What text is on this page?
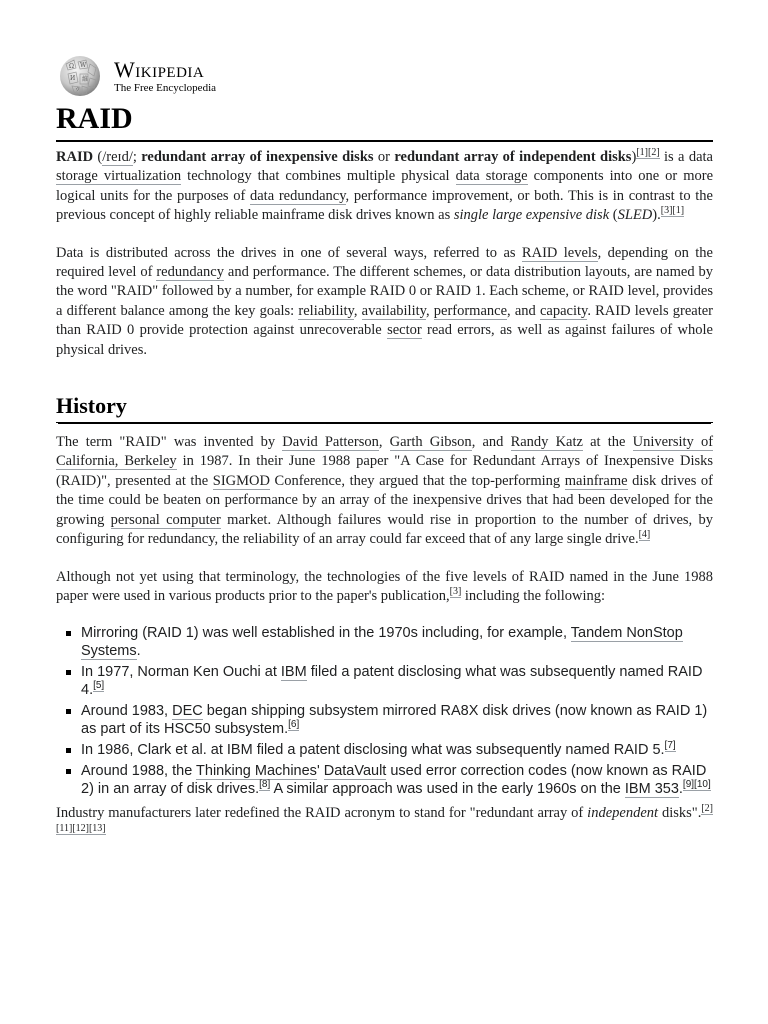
Ω W
И 維
ウ
Wikipedia
The Free Encyclopedia
RAID

RAID (/reɪd/; redundant array of inexpensive disks or redundant array of independent disks)[1][2] is a data storage virtualization technology that combines multiple physical data storage components into one or more logical units for the purposes of data redundancy, performance improvement, or both. This is in contrast to the previous concept of highly reliable mainframe disk drives known as single large expensive disk (SLED).[3][1]

Data is distributed across the drives in one of several ways, referred to as RAID levels, depending on the required level of redundancy and performance. The different schemes, or data distribution layouts, are named by the word "RAID" followed by a number, for example RAID 0 or RAID 1. Each scheme, or RAID level, provides a different balance among the key goals: reliability, availability, performance, and capacity. RAID levels greater than RAID 0 provide protection against unrecoverable sector read errors, as well as against failures of whole physical drives.

History

The term "RAID" was invented by David Patterson, Garth Gibson, and Randy Katz at the University of California, Berkeley in 1987. In their June 1988 paper "A Case for Redundant Arrays of Inexpensive Disks (RAID)", presented at the SIGMOD Conference, they argued that the top-performing mainframe disk drives of the time could be beaten on performance by an array of the inexpensive drives that had been developed for the growing personal computer market. Although failures would rise in proportion to the number of drives, by configuring for redundancy, the reliability of an array could far exceed that of any large single drive.[4]

Although not yet using that terminology, the technologies of the five levels of RAID named in the June 1988 paper were used in various products prior to the paper's publication,[3] including the following:

Mirroring (RAID 1) was well established in the 1970s including, for example, Tandem NonStop Systems.
In 1977, Norman Ken Ouchi at IBM filed a patent disclosing what was subsequently named RAID 4.[5]
Around 1983, DEC began shipping subsystem mirrored RA8X disk drives (now known as RAID 1) as part of its HSC50 subsystem.[6]
In 1986, Clark et al. at IBM filed a patent disclosing what was subsequently named RAID 5.[7]
Around 1988, the Thinking Machines' DataVault used error correction codes (now known as RAID 2) in an array of disk drives.[8] A similar approach was used in the early 1960s on the IBM 353.[9][10]

Industry manufacturers later redefined the RAID acronym to stand for "redundant array of independent disks".[2][11][12][13]
